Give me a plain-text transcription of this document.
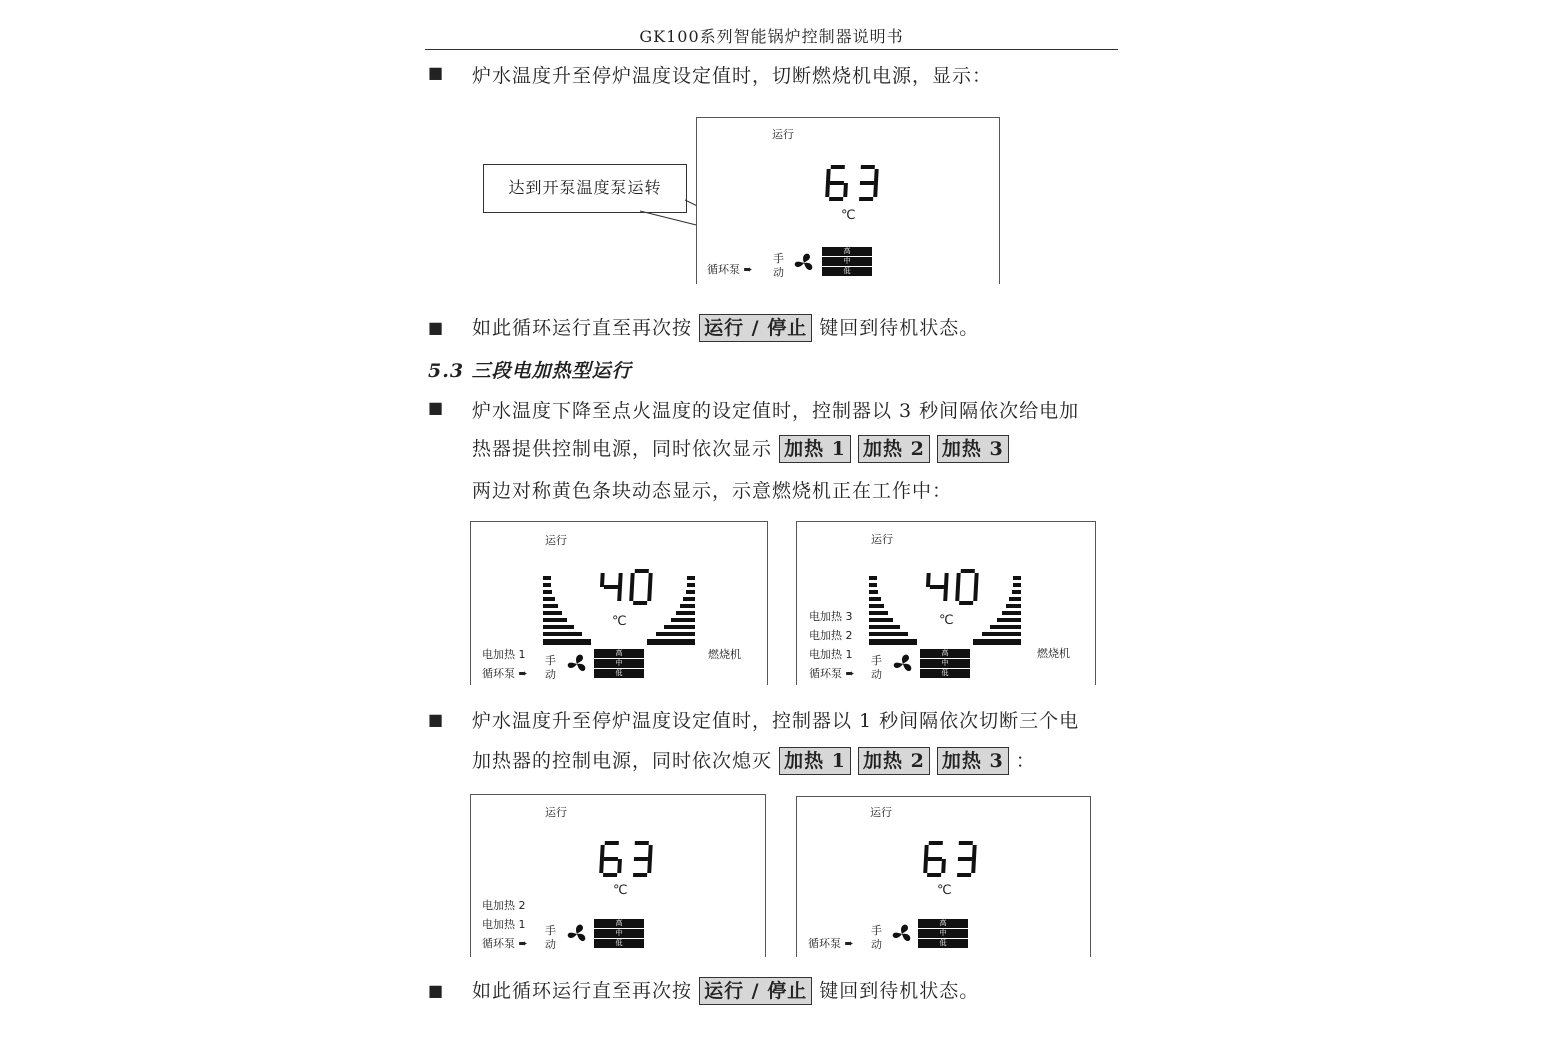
GK100系列智能锅炉控制器说明书
■ 炉水温度升至停炉温度设定值时，切断燃烧机电源，显示：
达到开泵温度泵运转
运行
℃
手
动
循环泵 ➨
高
中
低
■ 如此循环运行直至再次按 运行 / 停止 键回到待机状态。
5.3 三段电加热型运行
■ 炉水温度下降至点火温度的设定值时，控制器以 3 秒间隔依次给电加
热器提供控制电源，同时依次显示 加热 1 加热 2 加热 3
两边对称黄色条块动态显示，示意燃烧机正在工作中：
运行
℃
电加热 1
循环泵 ➨
手
动
燃烧机
高
中
低
运行
电加热 3	℃
电加热 2
电加热 1
循环泵 ➨
手
动
燃烧机
高
中
低
■ 炉水温度升至停炉温度设定值时，控制器以 1 秒间隔依次切断三个电
加热器的控制电源，同时依次熄灭 加热 1 加热 2 加热 3 ：
运行
℃
电加热 2
电加热 1
循环泵 ➨
手
动
高
中
低
运行
℃
循环泵 ➨
手
动
高
中
低
■ 如此循环运行直至再次按 运行 / 停止 键回到待机状态。
